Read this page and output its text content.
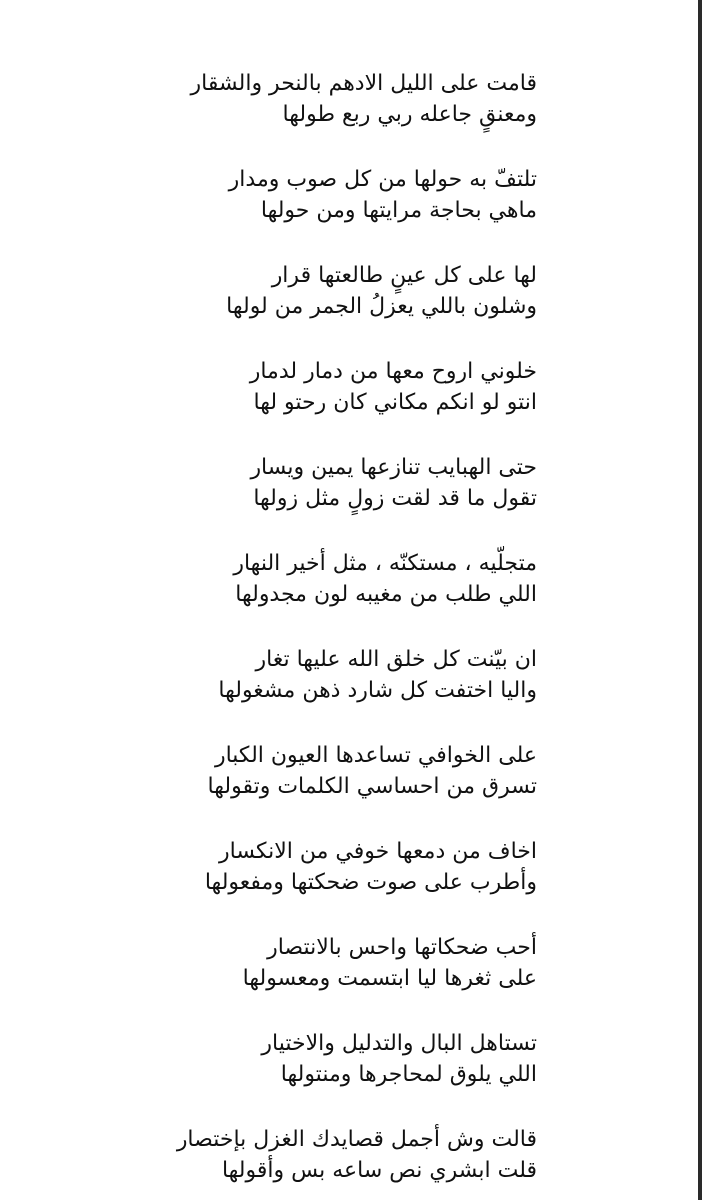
قامت على الليل الادهم بالنحر والشقار
ومعنقٍ جاعله ربي ربع طولها
تلتفّ به حولها من كل صوب ومدار
ماهي بحاجة مرايتها ومن حولها
لها على كل عينٍ طالعتها قرار
وشلون باللي يعزلُ الجمر من لولها
خلوني اروح معها من دمار لدمار
انتو لو انكم مكاني كان رحتو لها
حتى الهبايب تنازعها يمين ويسار
تقول ما قد لقت زولٍ مثل زولها
متجلّيه ، مستكنّه ، مثل أخير النهار
اللي طلب من مغيبه لون مجدولها
ان بيّنت كل خلق الله عليها تغار
واليا اختفت كل شارد ذهن مشغولها
على الخوافي تساعدها العيون الكبار
تسرق من احساسي الكلمات وتقولها
اخاف من دمعها خوفي من الانكسار
وأطرب على صوت ضحكتها ومفعولها
أحب ضحكاتها واحس بالانتصار
على ثغرها ليا ابتسمت ومعسولها
تستاهل البال والتدليل والاختيار
اللي يلوق لمحاجرها ومنتولها
قالت وش أجمل قصايدك الغزل بإختصار
قلت ابشري نص ساعه بس وأقولها
